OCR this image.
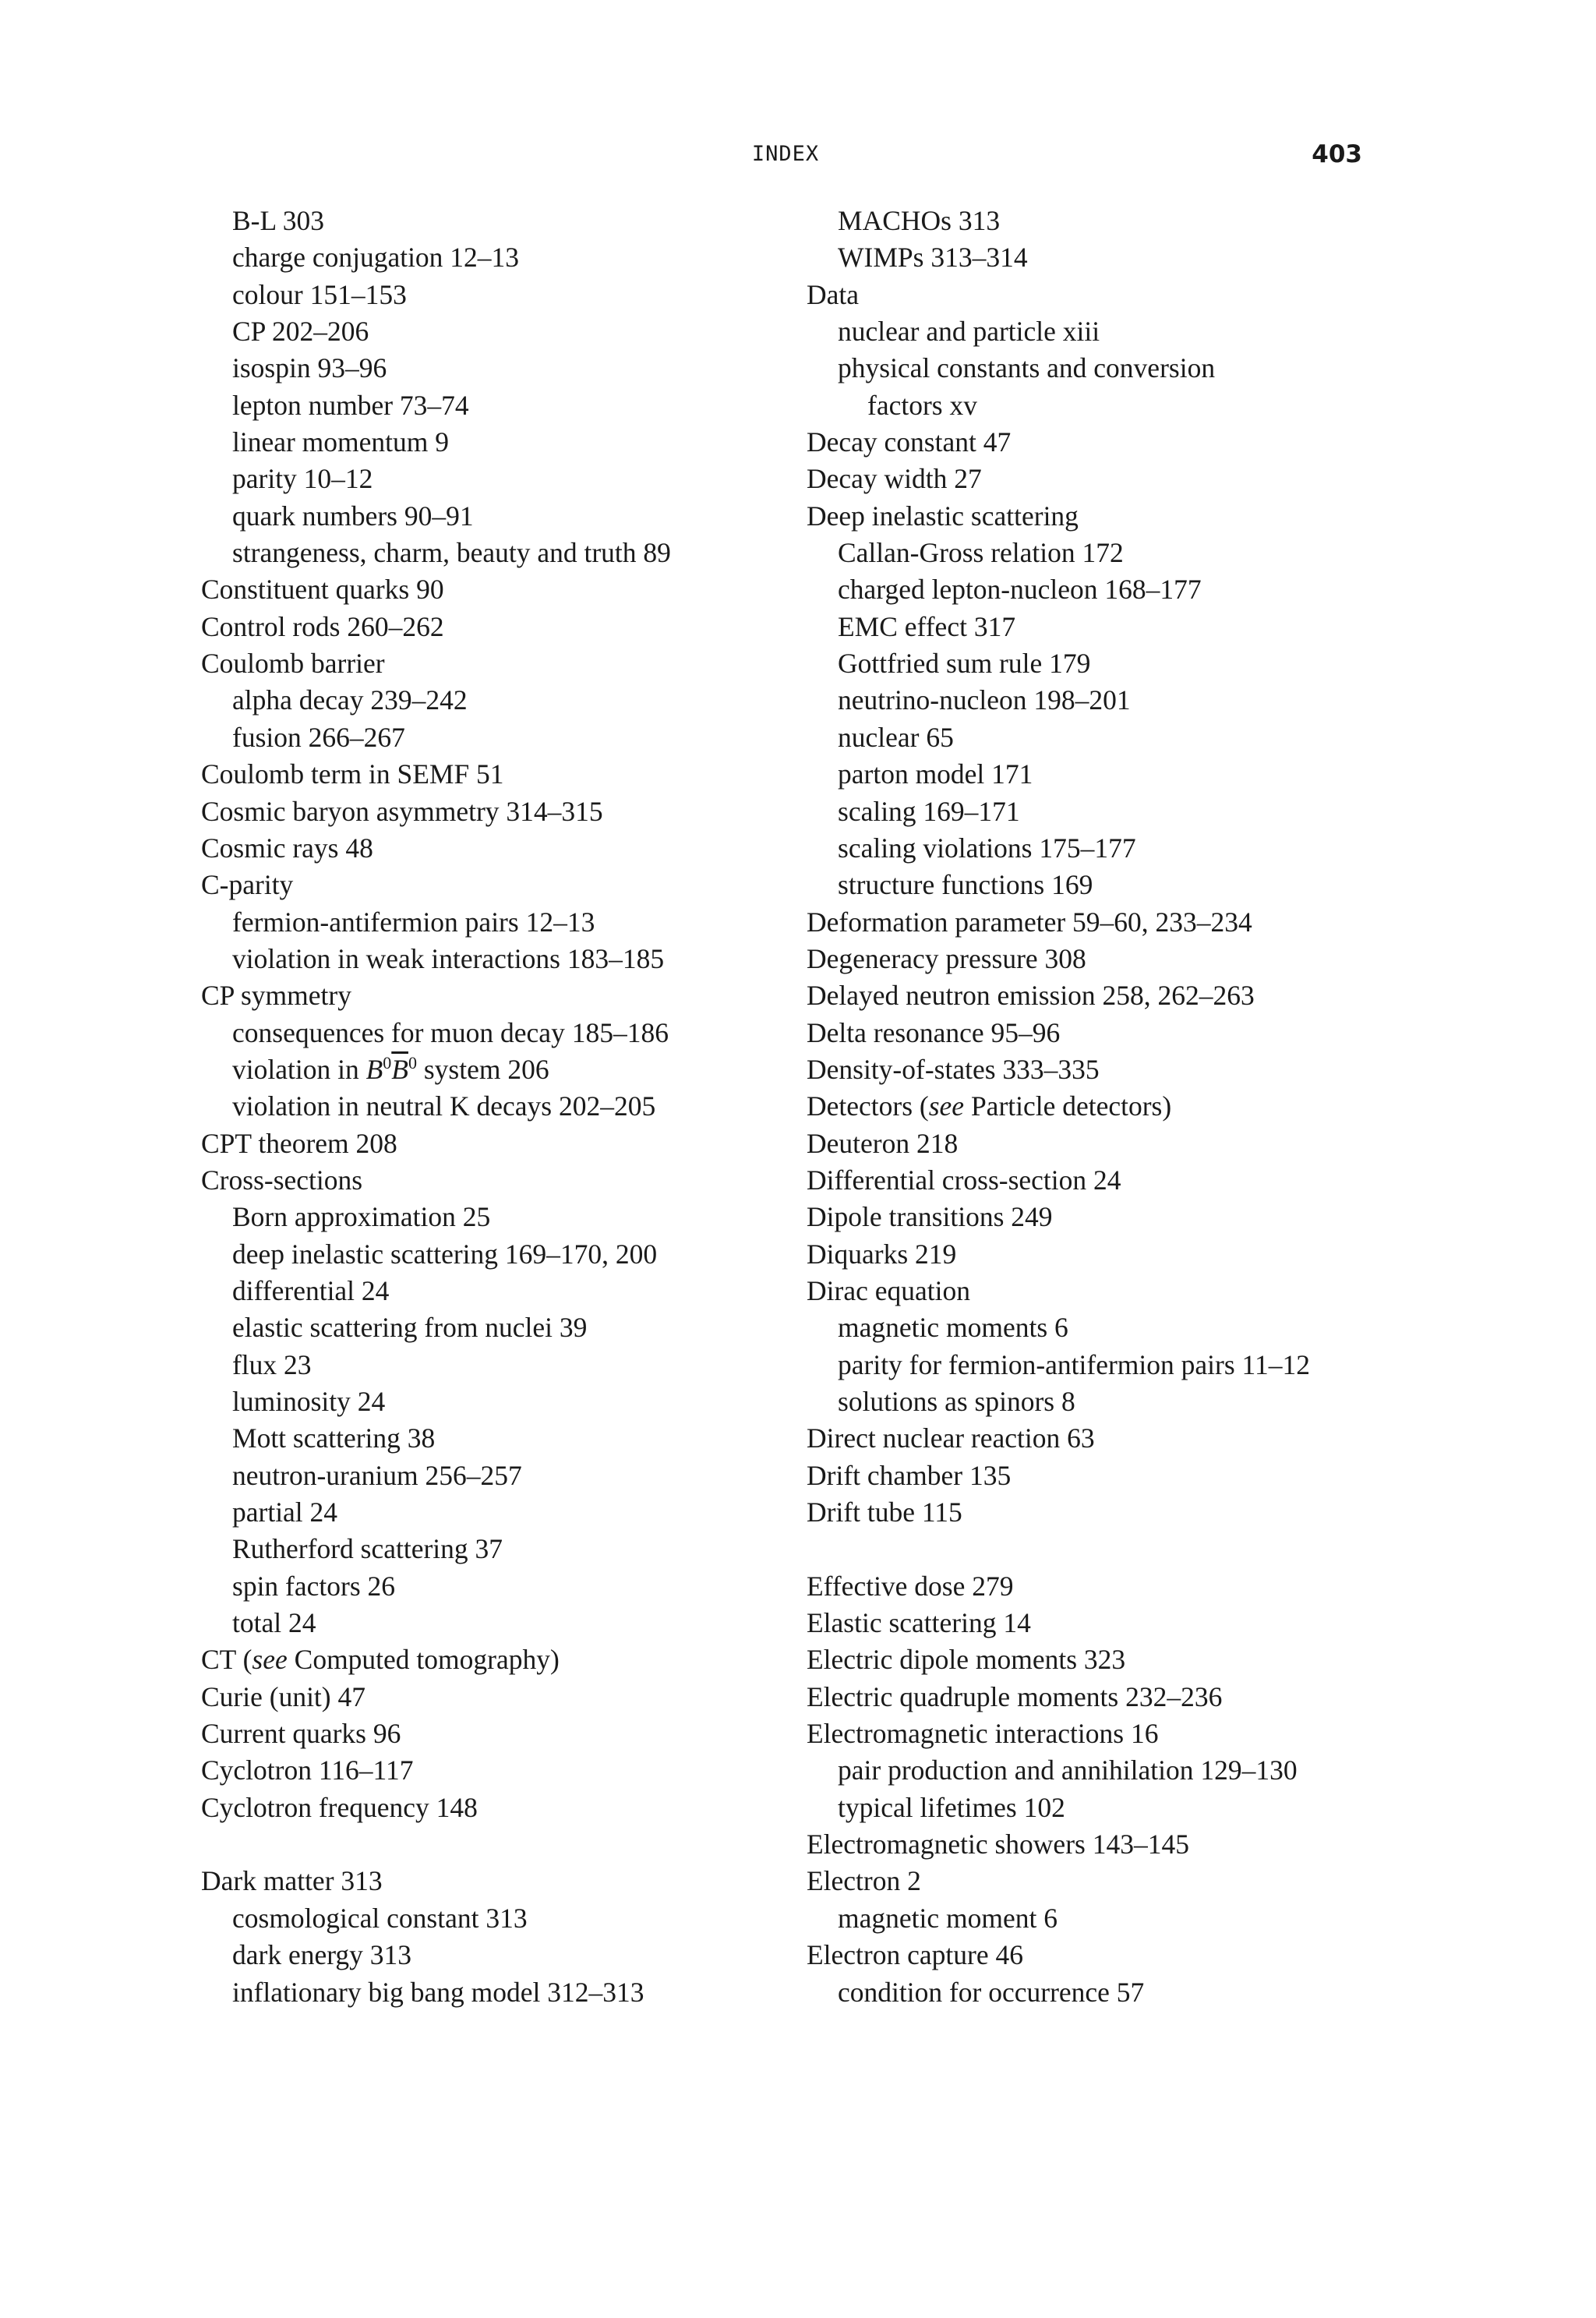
INDEX	403
B-L 303
charge conjugation 12–13
colour 151–153
CP 202–206
isospin 93–96
lepton number 73–74
linear momentum 9
parity 10–12
quark numbers 90–91
strangeness, charm, beauty and truth 89
Constituent quarks 90
Control rods 260–262
Coulomb barrier
alpha decay 239–242
fusion 266–267
Coulomb term in SEMF 51
Cosmic baryon asymmetry 314–315
Cosmic rays 48
C-parity
fermion-antifermion pairs 12–13
violation in weak interactions 183–185
CP symmetry
consequences for muon decay 185–186
violation in $B^0\overline{B}^0$ system 206
violation in neutral K decays 202–205
CPT theorem 208
Cross-sections
Born approximation 25
deep inelastic scattering 169–170, 200
differential 24
elastic scattering from nuclei 39
flux 23
luminosity 24
Mott scattering 38
neutron-uranium 256–257
partial 24
Rutherford scattering 37
spin factors 26
total 24
CT (see Computed tomography)
Curie (unit) 47
Current quarks 96
Cyclotron 116–117
Cyclotron frequency 148
Dark matter 313
cosmological constant 313
dark energy 313
inflationary big bang model 312–313
MACHOs 313
WIMPs 313–314
Data
nuclear and particle xiii
physical constants and conversion
factors xv
Decay constant 47
Decay width 27
Deep inelastic scattering
Callan-Gross relation 172
charged lepton-nucleon 168–177
EMC effect 317
Gottfried sum rule 179
neutrino-nucleon 198–201
nuclear 65
parton model 171
scaling 169–171
scaling violations 175–177
structure functions 169
Deformation parameter 59–60, 233–234
Degeneracy pressure 308
Delayed neutron emission 258, 262–263
Delta resonance 95–96
Density-of-states 333–335
Detectors (see Particle detectors)
Deuteron 218
Differential cross-section 24
Dipole transitions 249
Diquarks 219
Dirac equation
magnetic moments 6
parity for fermion-antifermion pairs 11–12
solutions as spinors 8
Direct nuclear reaction 63
Drift chamber 135
Drift tube 115
Effective dose 279
Elastic scattering 14
Electric dipole moments 323
Electric quadruple moments 232–236
Electromagnetic interactions 16
pair production and annihilation 129–130
typical lifetimes 102
Electromagnetic showers 143–145
Electron 2
magnetic moment 6
Electron capture 46
condition for occurrence 57
